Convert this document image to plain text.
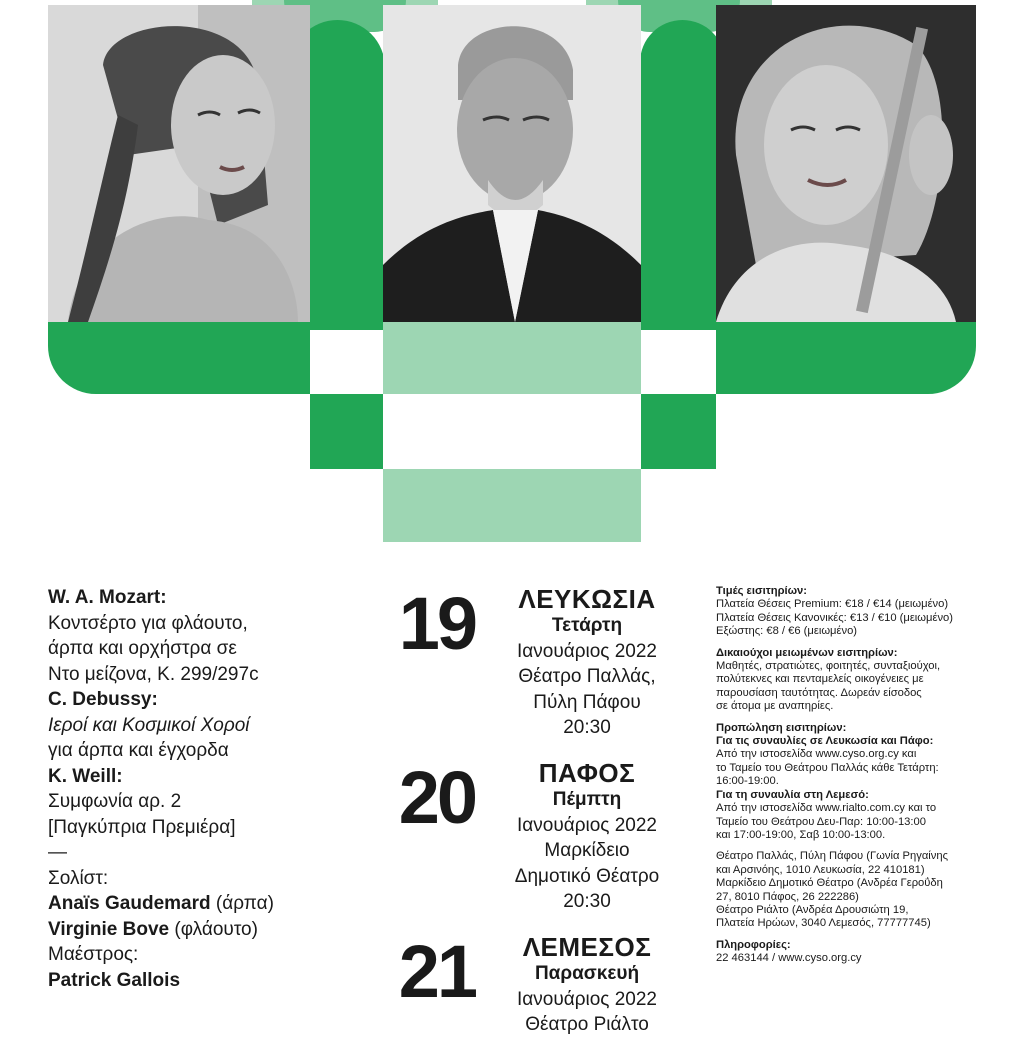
W. A. Mozart:
Κοντσέρτο για φλάουτο,
άρπα και ορχήστρα σε
Ντο μείζονα, Κ. 299/297c
C. Debussy:
Ιεροί και Κοσμικοί Χοροί
για άρπα και έγχορδα
K. Weill:
Συμφωνία αρ. 2
[Παγκύπρια Πρεμιέρα]
—
Σολίστ:
Anaïs Gaudemard (άρπα)
Virginie Bove (φλάουτο)
Μαέστρος:
Patrick Gallois
19	ΛΕΥΚΩΣΙΑ
Τετάρτη
Ιανουάριος 2022
Θέατρο Παλλάς,
Πύλη Πάφου
20:30
20	ΠΑΦΟΣ
Πέμπτη
Ιανουάριος 2022
Μαρκίδειο
Δημοτικό Θέατρο
20:30
21	ΛΕΜΕΣΟΣ
Παρασκευή
Ιανουάριος 2022
Θέατρο Ριάλτο
Τιμές εισιτηρίων:
Πλατεία Θέσεις Premium: €18 / €14 (μειωμένο)
Πλατεία Θέσεις Κανονικές: €13 / €10 (μειωμένο)
Εξώστης: €8 / €6 (μειωμένο)
Δικαιούχοι μειωμένων εισιτηρίων:
Μαθητές, στρατιώτες, φοιτητές, συνταξιούχοι,
πολύτεκνες και πενταμελείς οικογένειες με
παρουσίαση ταυτότητας. Δωρεάν είσοδος
σε άτομα με αναπηρίες.
Προπώληση εισιτηρίων:
Για τις συναυλίες σε Λευκωσία και Πάφο:
Από την ιστοσελίδα www.cyso.org.cy και
το Ταμείο του Θεάτρου Παλλάς κάθε Τετάρτη:
16:00-19:00.
Για τη συναυλία στη Λεμεσό:
Από την ιστοσελίδα www.rialto.com.cy και το
Ταμείο του Θεάτρου Δευ-Παρ: 10:00-13:00
και 17:00-19:00, Σαβ 10:00-13:00.
Θέατρο Παλλάς, Πύλη Πάφου (Γωνία Ρηγαίνης
και Αρσινόης, 1010 Λευκωσία, 22 410181)
Μαρκίδειο Δημοτικό Θέατρο (Ανδρέα Γεροΰδη
27, 8010 Πάφος, 26 222286)
Θέατρο Ριάλτο (Ανδρέα Δρουσιώτη 19,
Πλατεία Ηρώων, 3040 Λεμεσός, 77777745)
Πληροφορίες:
22 463144 / www.cyso.org.cy
